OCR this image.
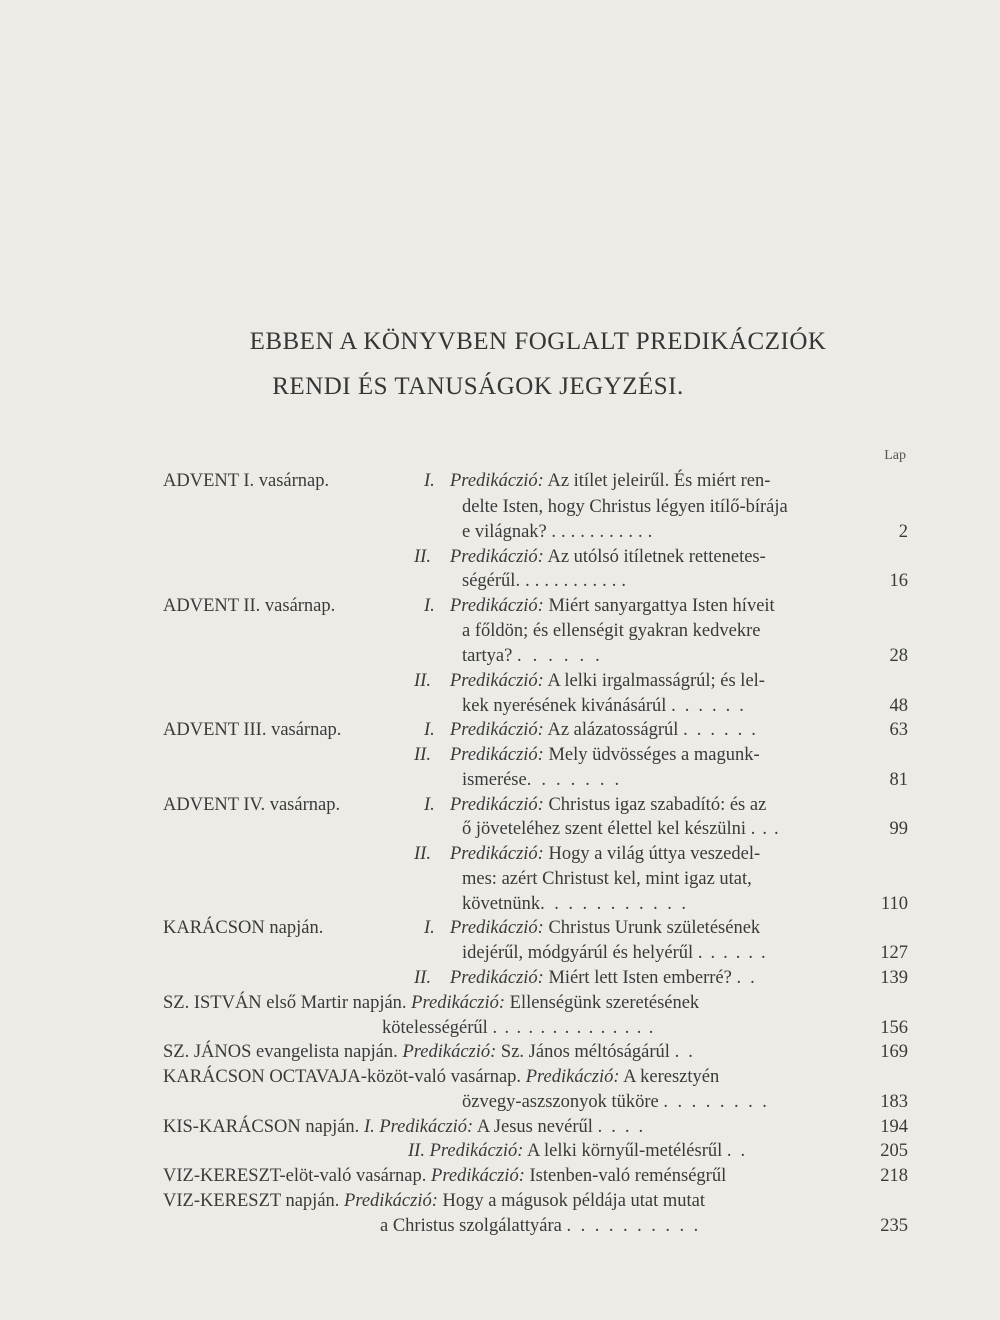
EBBEN A KÖNYVBEN FOGLALT PREDIKÁCZIÓK
RENDI ÉS TANUSÁGOK JEGYZÉSI.
Lap
ADVENT I. vasárnap.	I. Predikáczió: Az itílet jeleirűl. És miért ren-
delte Isten, hogy Christus légyen itílő-bírája
e világnak? ...........	2
II. Predikáczió: Az utólsó itíletnek rettenetes-
ségérűl............	16
ADVENT II. vasárnap.	I. Predikáczió: Miért sanyargattya Isten híveit
a főldön; és ellenségit gyakran kedvekre
tartya? ......	28
II. Predikáczió: A lelki irgalmasságrúl; és lel-
kek nyerésének kivánásárúl ......	48
ADVENT III. vasárnap.	I. Predikáczió: Az alázatosságrúl ......	63
II. Predikáczió: Mely üdvösséges a magunk-
ismerése.......	81
ADVENT IV. vasárnap.	I. Predikáczió: Christus igaz szabadító: és az
ő jöveteléhez szent élettel kel készülni ...	99
II. Predikáczió: Hogy a világ úttya veszedel-
mes: azért Christust kel, mint igaz utat,
követnünk...........	110
KARÁCSON napján.	I. Predikáczió: Christus Urunk születésének
idejérűl, módgyárúl és helyérűl ......	127
II. Predikáczió: Miért lett Isten emberré? ..	139
SZ. ISTVÁN első Martir napján. Predikáczió: Ellenségünk szeretésének
kötelességérűl ..............	156
SZ. JÁNOS evangelista napján. Predikáczió: Sz. János méltóságárúl ..	169
KARÁCSON OCTAVAJA-közöt-való vasárnap. Predikáczió: A keresztyén
özvegy-aszszonyok tüköre ........	183
KIS-KARÁCSON napján. I. Predikáczió: A Jesus nevérűl ....	194
II. Predikáczió: A lelki környűl-metélésrűl ..	205
VIZ-KERESZT-elöt-való vasárnap. Predikáczió: Istenben-való reménségrűl	218
VIZ-KERESZT napján. Predikáczió: Hogy a mágusok példája utat mutat
a Christus szolgálattyára ..........	235
